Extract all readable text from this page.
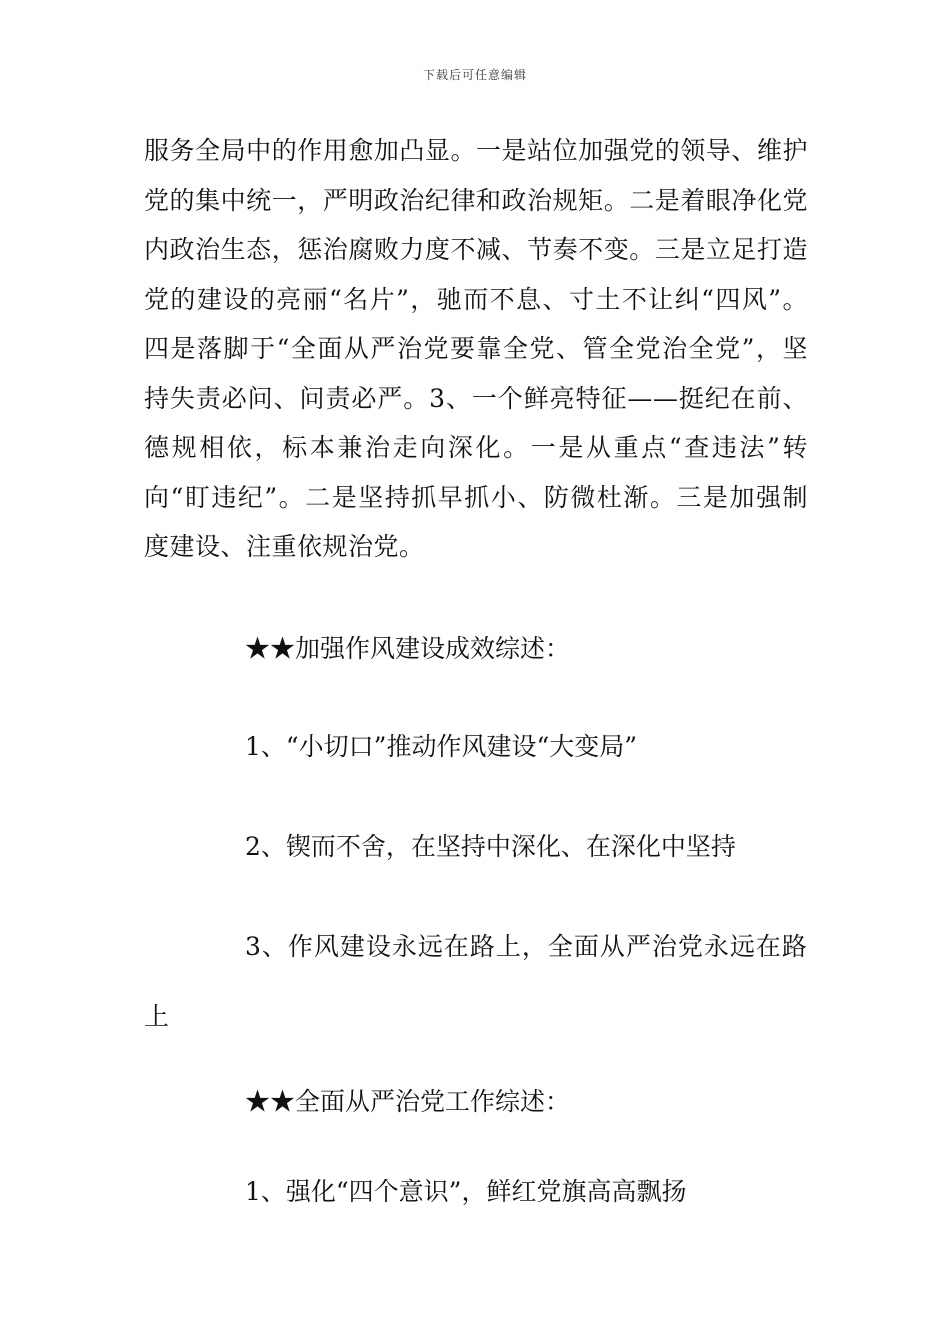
下载后可任意编辑
服务全局中的作用愈加凸显。一是站位加强党的领导、维护党的集中统一，严明政治纪律和政治规矩。二是着眼净化党内政治生态，惩治腐败力度不减、节奏不变。三是立足打造党的建设的亮丽“名片”，驰而不息、寸土不让纠“四风”。四是落脚于“全面从严治党要靠全党、管全党治全党”，坚持失责必问、问责必严。3、一个鲜亮特征——挺纪在前、德规相依，标本兼治走向深化。一是从重点“查违法”转向“盯违纪”。二是坚持抓早抓小、防微杜渐。三是加强制度建设、注重依规治党。
★★加强作风建设成效综述：
1、“小切口”推动作风建设“大变局”
2、锲而不舍，在坚持中深化、在深化中坚持
3、作风建设永远在路上，全面从严治党永远在路上
★★全面从严治党工作综述：
1、强化“四个意识”，鲜红党旗高高飘扬
